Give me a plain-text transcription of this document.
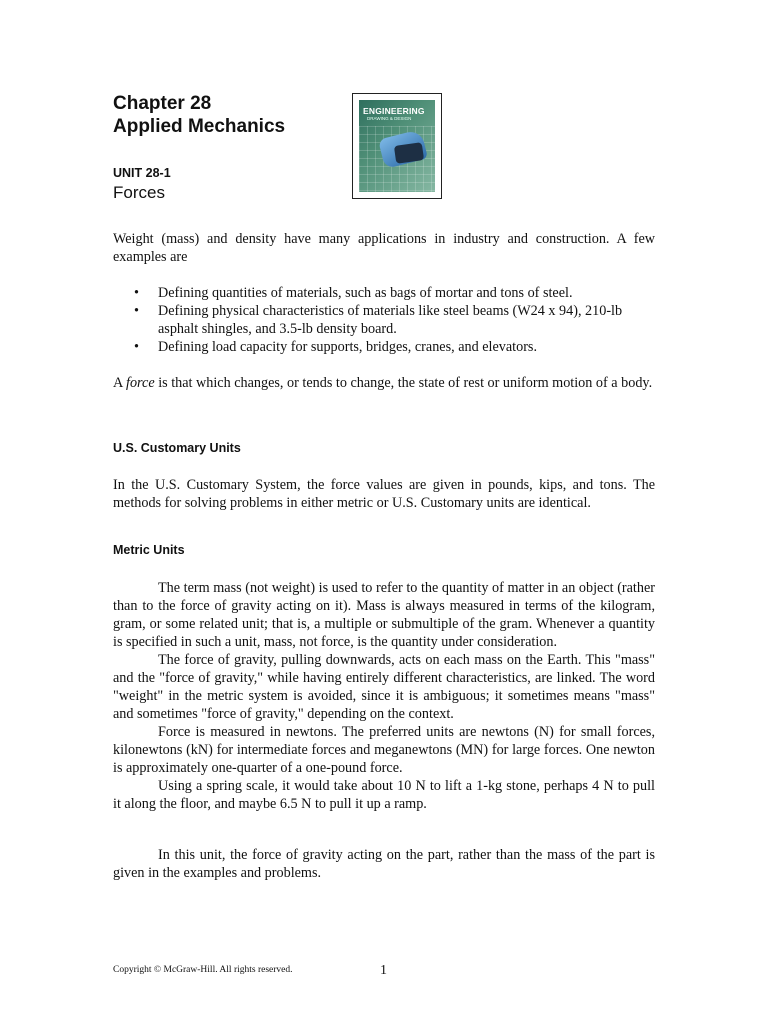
Chapter 28
Applied Mechanics
ENGINEERING
DRAWING & DESIGN
UNIT 28-1
Forces
Weight (mass) and density have many applications in industry and construction. A few examples are
• Defining quantities of materials, such as bags of mortar and tons of steel.
• Defining physical characteristics of materials like steel beams (W24 x 94), 210-lb asphalt shingles, and 3.5-lb density board.
• Defining load capacity for supports, bridges, cranes, and elevators.
A force is that which changes, or tends to change, the state of rest or uniform motion of a body.
U.S. Customary Units
In the U.S. Customary System, the force values are given in pounds, kips, and tons. The methods for solving problems in either metric or U.S. Customary units are identical.
Metric Units

The term mass (not weight) is used to refer to the quantity of matter in an object (rather than to the force of gravity acting on it). Mass is always measured in terms of the kilogram, gram, or some related unit; that is, a multiple or submultiple of the gram. Whenever a quantity is specified in such a unit, mass, not force, is the quantity under consideration.

The force of gravity, pulling downwards, acts on each mass on the Earth. This "mass" and the "force of gravity," while having entirely different characteristics, are linked. The word "weight" in the metric system is avoided, since it is ambiguous; it sometimes means "mass" and sometimes "force of gravity," depending on the context.

Force is measured in newtons. The preferred units are newtons (N) for small forces, kilonewtons (kN) for intermediate forces and meganewtons (MN) for large forces. One newton is approximately one-quarter of a one-pound force.

Using a spring scale, it would take about 10 N to lift a 1-kg stone, perhaps 4 N to pull it along the floor, and maybe 6.5 N to pull it up a ramp.

In this unit, the force of gravity acting on the part, rather than the mass of the part is given in the examples and problems.

Copyright © McGraw-Hill. All rights reserved.	1
